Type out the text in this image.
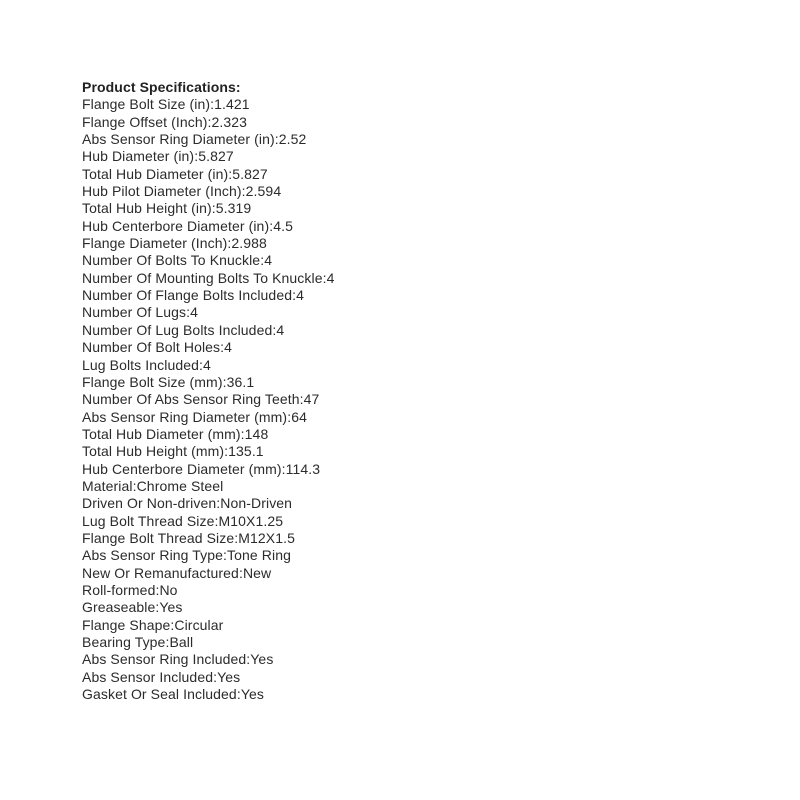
Product Specifications:
Flange Bolt Size (in):1.421
Flange Offset (Inch):2.323
Abs Sensor Ring Diameter (in):2.52
Hub Diameter (in):5.827
Total Hub Diameter (in):5.827
Hub Pilot Diameter (Inch):2.594
Total Hub Height (in):5.319
Hub Centerbore Diameter (in):4.5
Flange Diameter (Inch):2.988
Number Of Bolts To Knuckle:4
Number Of Mounting Bolts To Knuckle:4
Number Of Flange Bolts Included:4
Number Of Lugs:4
Number Of Lug Bolts Included:4
Number Of Bolt Holes:4
Lug Bolts Included:4
Flange Bolt Size (mm):36.1
Number Of Abs Sensor Ring Teeth:47
Abs Sensor Ring Diameter (mm):64
Total Hub Diameter (mm):148
Total Hub Height (mm):135.1
Hub Centerbore Diameter (mm):114.3
Material:Chrome Steel
Driven Or Non-driven:Non-Driven
Lug Bolt Thread Size:M10X1.25
Flange Bolt Thread Size:M12X1.5
Abs Sensor Ring Type:Tone Ring
New Or Remanufactured:New
Roll-formed:No
Greaseable:Yes
Flange Shape:Circular
Bearing Type:Ball
Abs Sensor Ring Included:Yes
Abs Sensor Included:Yes
Gasket Or Seal Included:Yes
